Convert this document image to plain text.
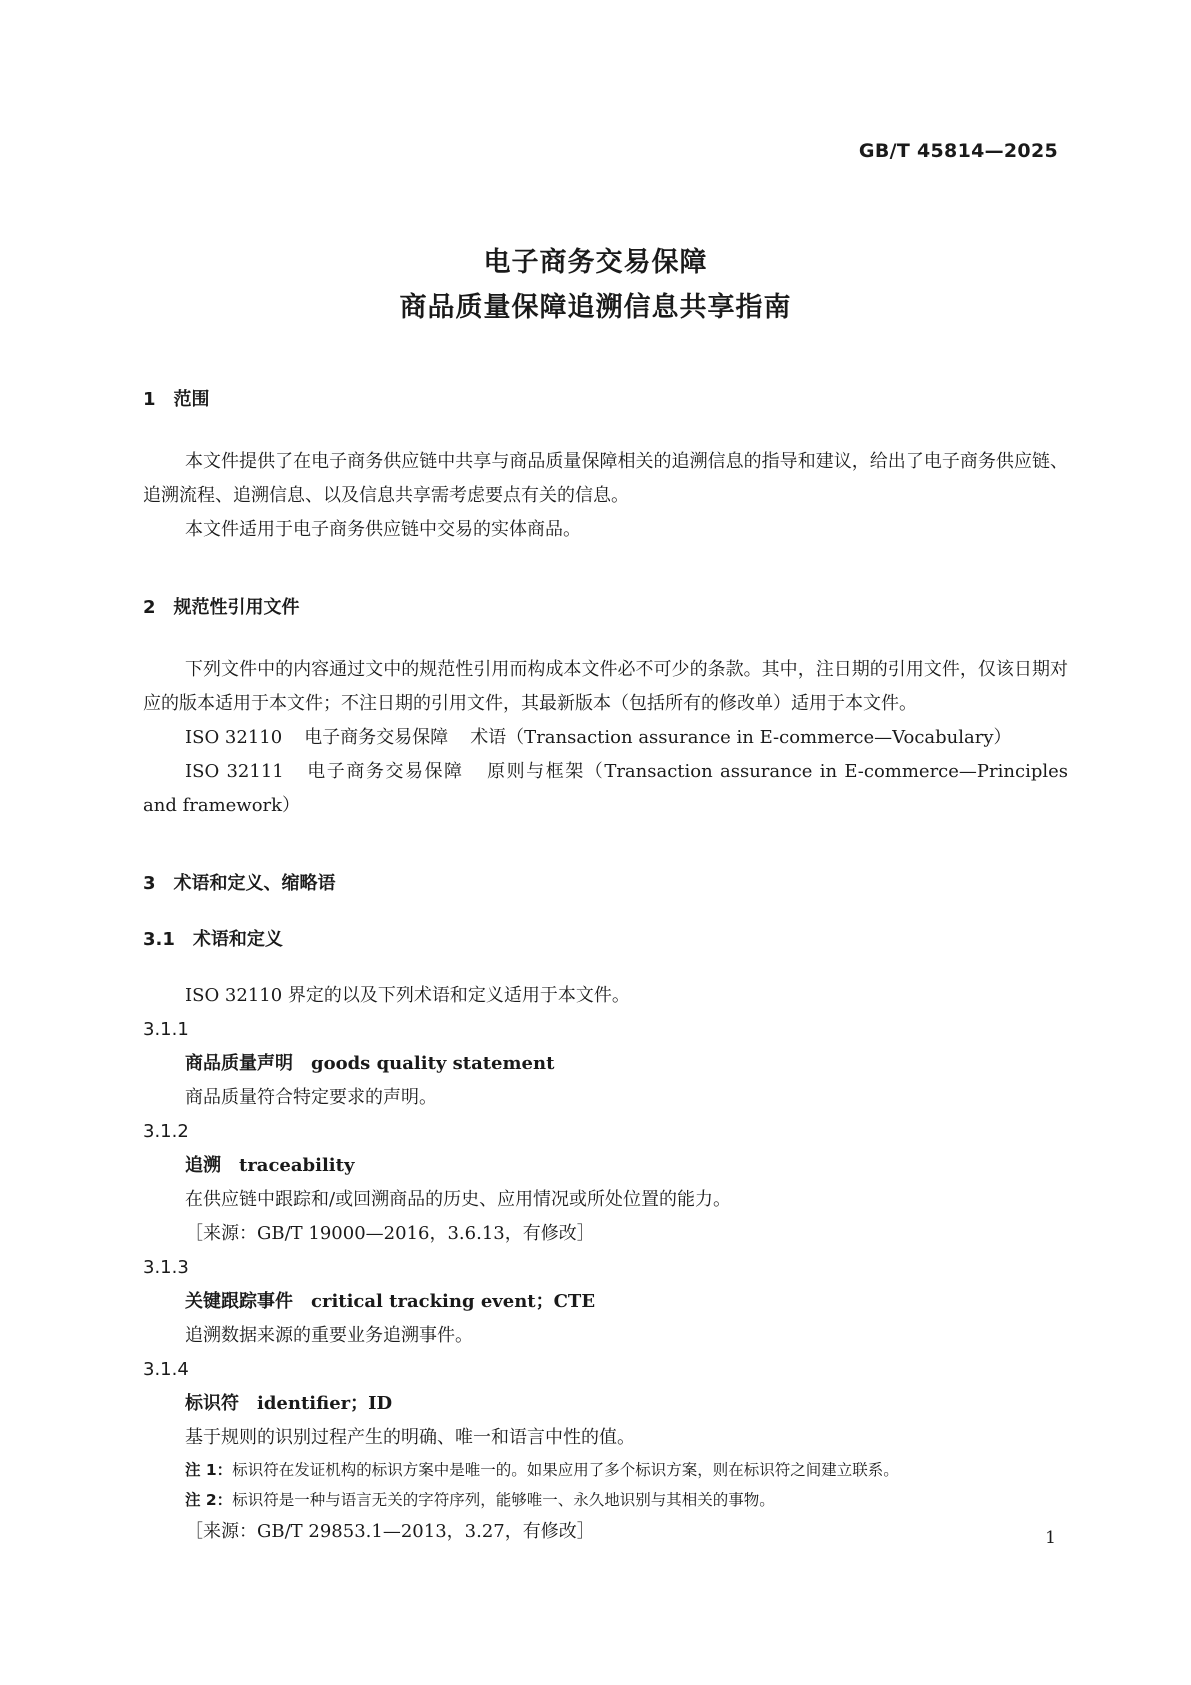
GB/T 45814—2025
电子商务交易保障
商品质量保障追溯信息共享指南
1 范围

本文件提供了在电子商务供应链中共享与商品质量保障相关的追溯信息的指导和建议，给出了电子商务供应链、追溯流程、追溯信息、以及信息共享需考虑要点有关的信息。

本文件适用于电子商务供应链中交易的实体商品。

2 规范性引用文件

下列文件中的内容通过文中的规范性引用而构成本文件必不可少的条款。其中，注日期的引用文件，仅该日期对应的版本适用于本文件；不注日期的引用文件，其最新版本（包括所有的修改单）适用于本文件。

ISO 32110 电子商务交易保障 术语（Transaction assurance in E-commerce—Vocabulary）

ISO 32111 电子商务交易保障 原则与框架（Transaction assurance in E-commerce—Principles and framework）

3 术语和定义、缩略语
3.1 术语和定义

ISO 32110 界定的以及下列术语和定义适用于本文件。

3.1.1
商品质量声明 goods quality statement
商品质量符合特定要求的声明。
3.1.2
追溯 traceability
在供应链中跟踪和/或回溯商品的历史、应用情况或所处位置的能力。
［来源：GB/T 19000—2016，3.6.13，有修改］
3.1.3
关键跟踪事件 critical tracking event；CTE
追溯数据来源的重要业务追溯事件。
3.1.4
标识符 identifier；ID
基于规则的识别过程产生的明确、唯一和语言中性的值。
注 1：标识符在发证机构的标识方案中是唯一的。如果应用了多个标识方案，则在标识符之间建立联系。
注 2：标识符是一种与语言无关的字符序列，能够唯一、永久地识别与其相关的事物。
［来源：GB/T 29853.1—2013，3.27，有修改］	1
